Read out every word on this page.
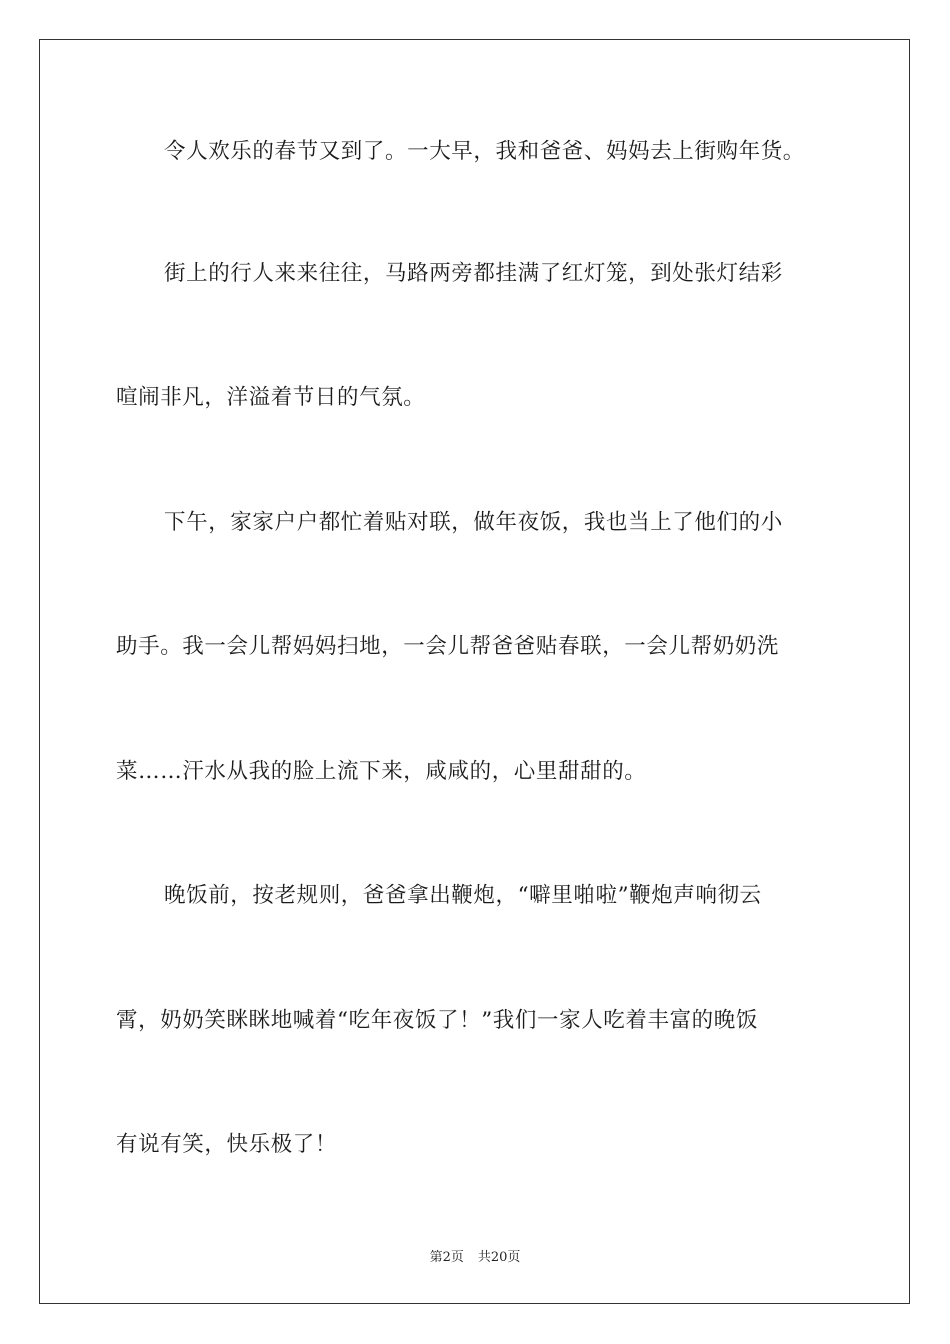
令人欢乐的春节又到了。一大早，我和爸爸、妈妈去上街购年货。
街上的行人来来往往，马路两旁都挂满了红灯笼，到处张灯结彩
喧闹非凡，洋溢着节日的气氛。
下午，家家户户都忙着贴对联，做年夜饭，我也当上了他们的小
助手。我一会儿帮妈妈扫地，一会儿帮爸爸贴春联，一会儿帮奶奶洗
菜……汗水从我的脸上流下来，咸咸的，心里甜甜的。
晚饭前，按老规则，爸爸拿出鞭炮，“噼里啪啦”鞭炮声响彻云
霄，奶奶笑眯眯地喊着“吃年夜饭了！”我们一家人吃着丰富的晚饭
有说有笑，快乐极了！
第2页 共20页
